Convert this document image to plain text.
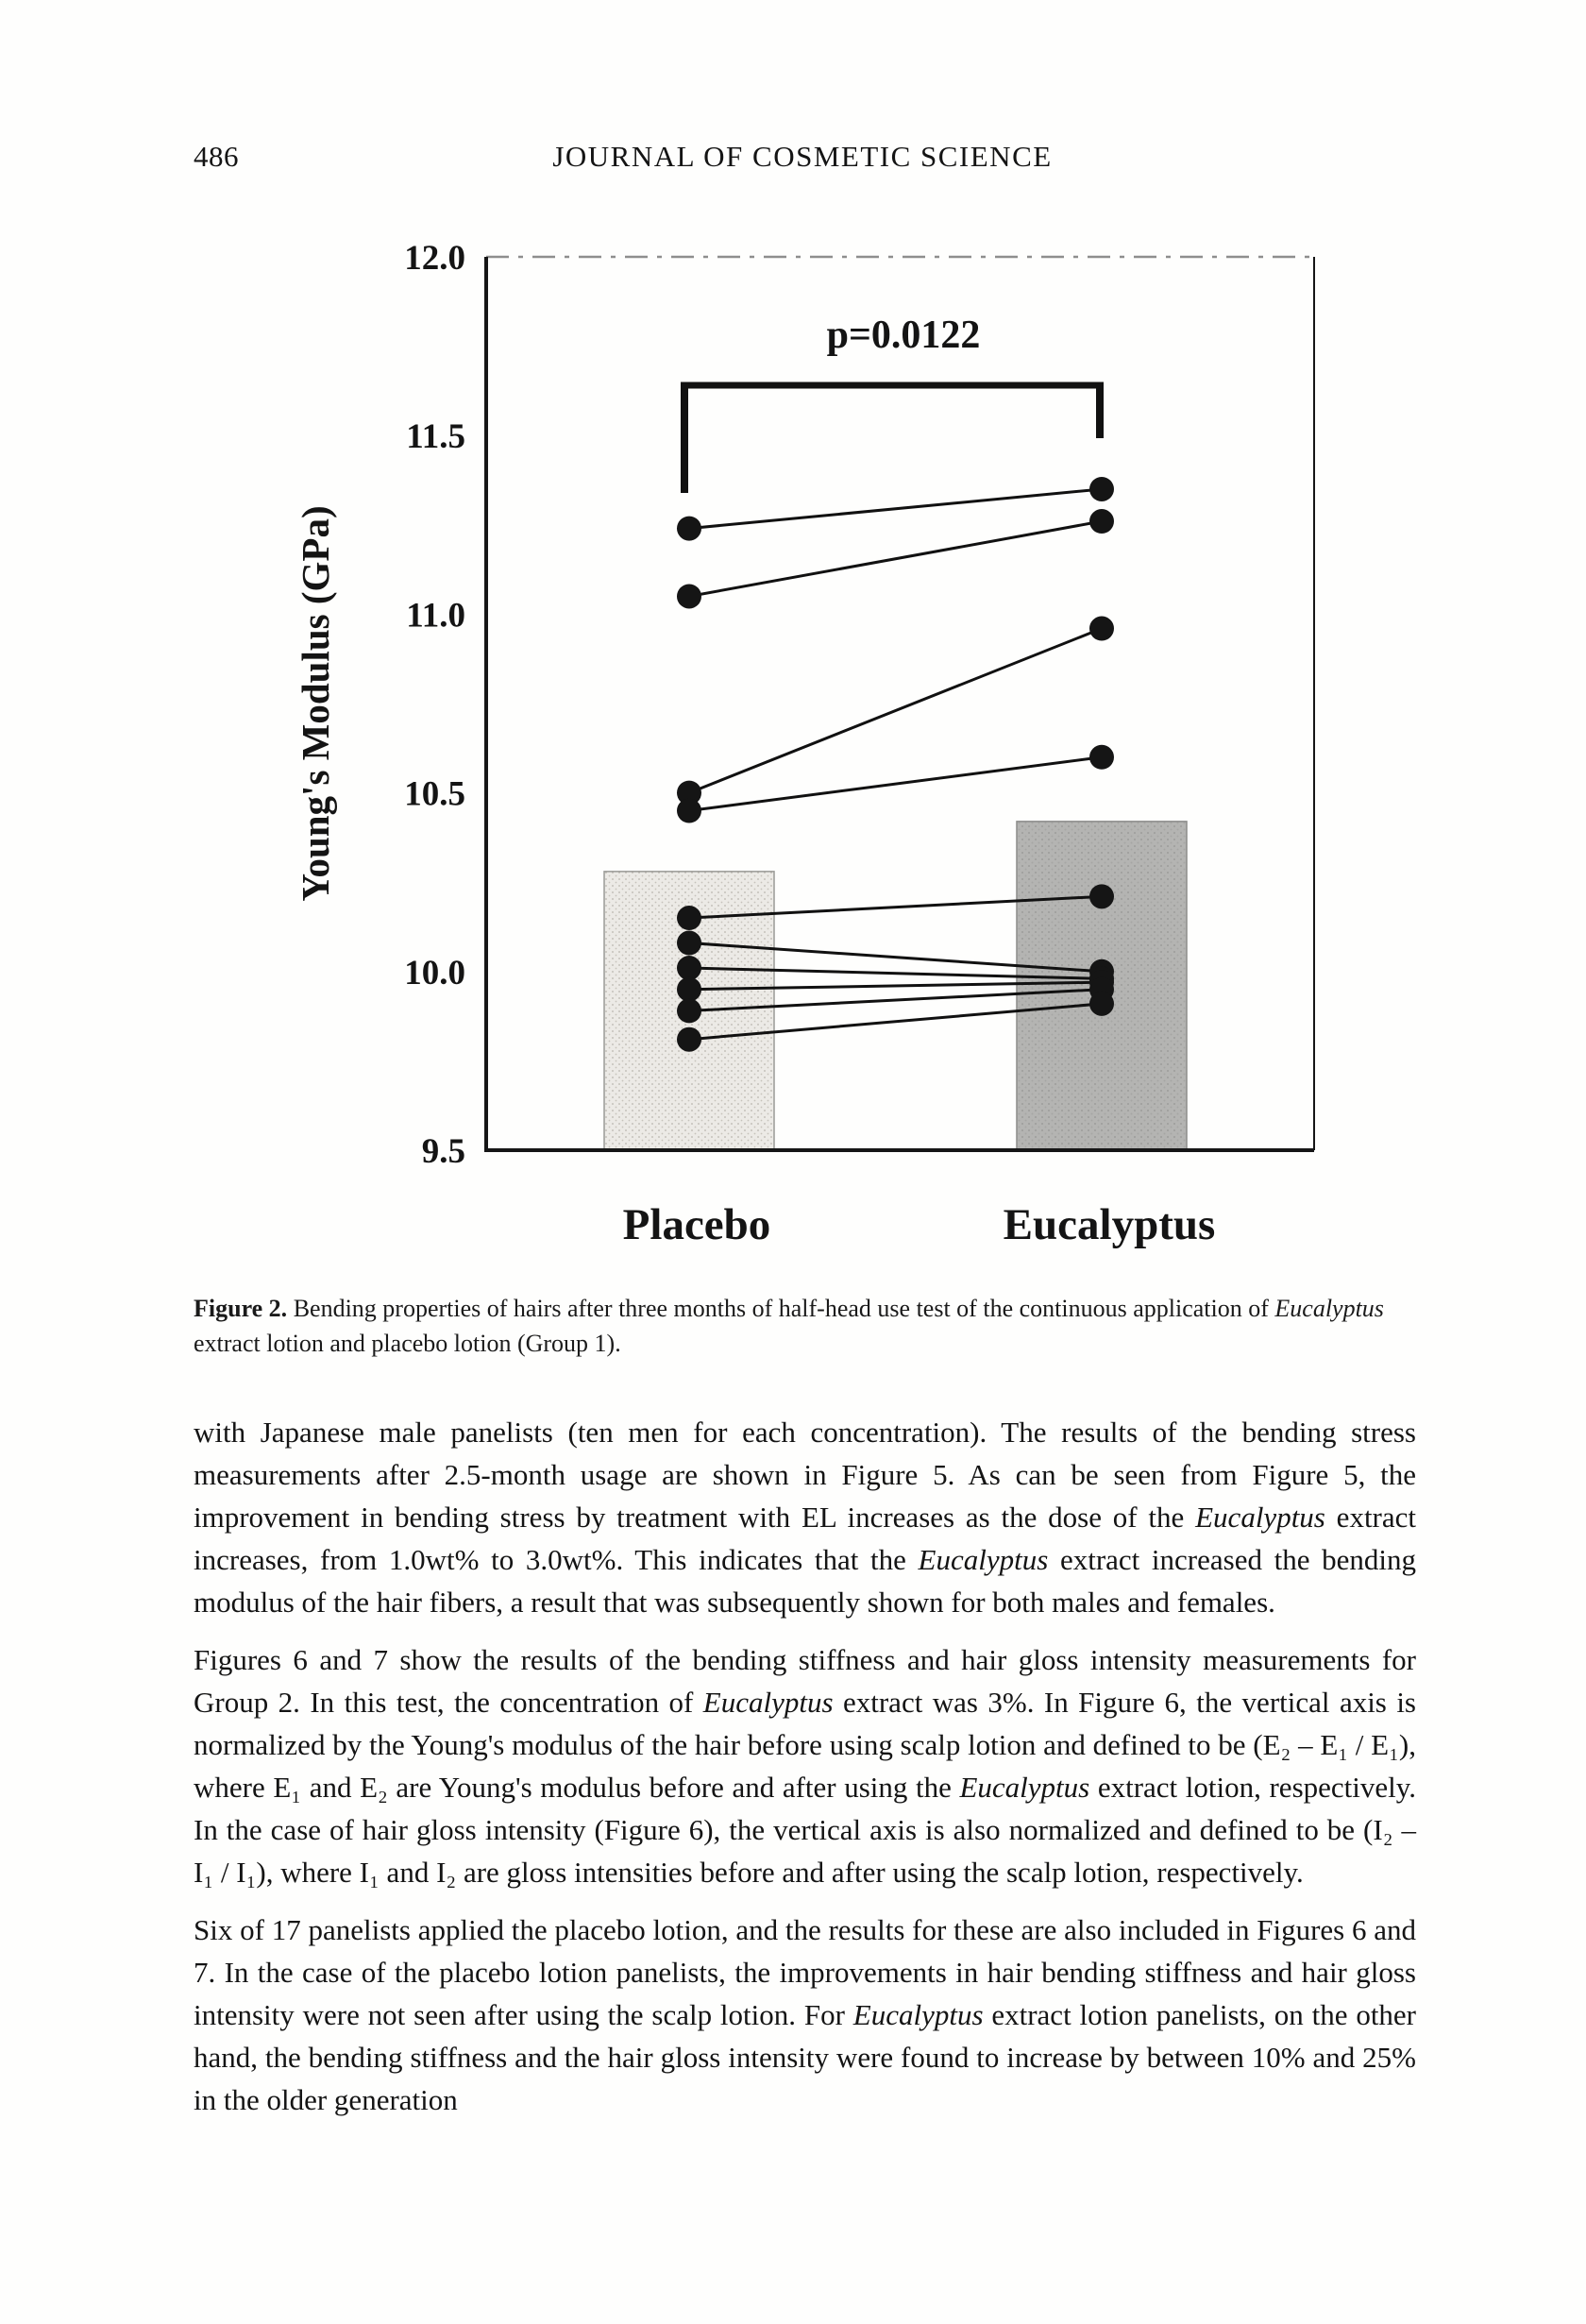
486	JOURNAL OF COSMETIC SCIENCE
p=0.0122
9.5
10.0
10.5
11.0
11.5
12.0
Young's Modulus (GPa)
Placebo	Eucalyptus

Figure 2. Bending properties of hairs after three months of half-head use test of the continuous application of Eucalyptus extract lotion and placebo lotion (Group 1).

with Japanese male panelists (ten men for each concentration). The results of the bending stress measurements after 2.5-month usage are shown in Figure 5. As can be seen from Figure 5, the improvement in bending stress by treatment with EL increases as the dose of the Eucalyptus extract increases, from 1.0wt% to 3.0wt%. This indicates that the Eucalyptus extract increased the bending modulus of the hair fibers, a result that was subsequently shown for both males and females.

Figures 6 and 7 show the results of the bending stiffness and hair gloss intensity measurements for Group 2. In this test, the concentration of Eucalyptus extract was 3%. In Figure 6, the vertical axis is normalized by the Young's modulus of the hair before using scalp lotion and defined to be (E₂ – E₁ / E₁), where E₁ and E₂ are Young's modulus before and after using the Eucalyptus extract lotion, respectively. In the case of hair gloss intensity (Figure 6), the vertical axis is also normalized and defined to be (I₂ – I₁ / I₁), where I₁ and I₂ are gloss intensities before and after using the scalp lotion, respectively.

Six of 17 panelists applied the placebo lotion, and the results for these are also included in Figures 6 and 7. In the case of the placebo lotion panelists, the improvements in hair bending stiffness and hair gloss intensity were not seen after using the scalp lotion. For Eucalyptus extract lotion panelists, on the other hand, the bending stiffness and the hair gloss intensity were found to increase by between 10% and 25% in the older generation
